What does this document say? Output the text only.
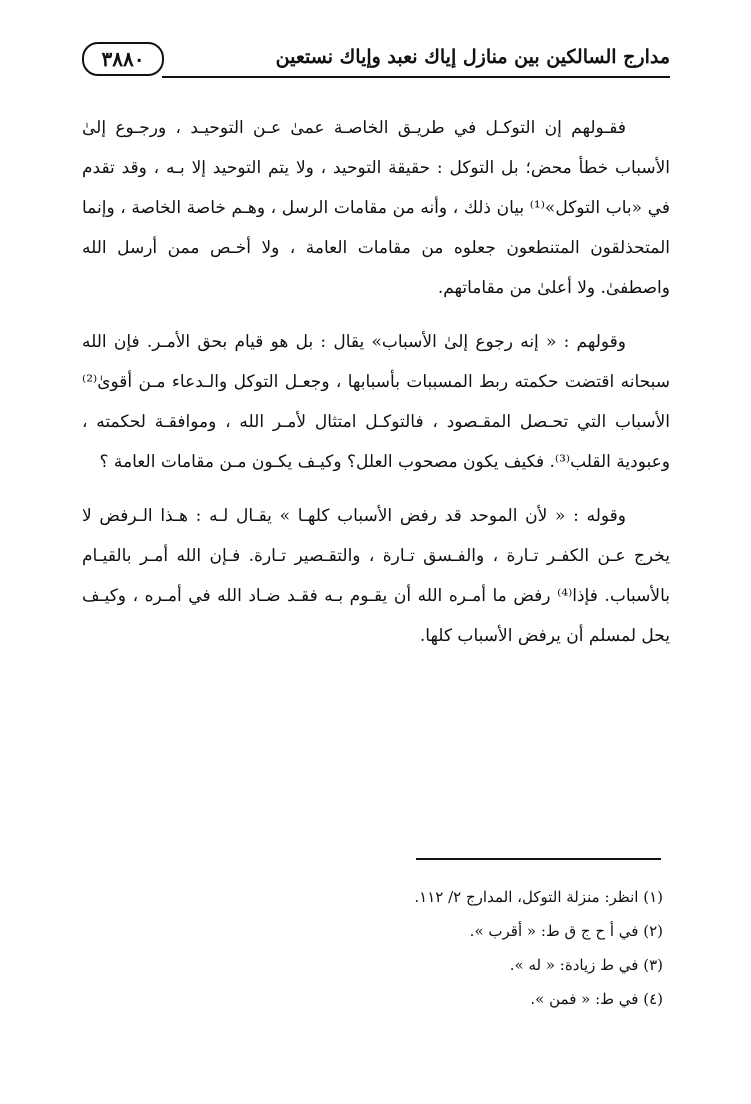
مدارج السالكين بين منازل إياك نعبد وإياك نستعين
٣٨٨٠

فقـولهم إن التوكـل في طريـق الخاصـة عمىٰ عـن التوحيـد ، ورجـوع إلىٰ الأسباب خطأ محض؛ بل التوكل : حقيقة التوحيد ، ولا يتم التوحيد إلا بـه ، وقد تقدم في «باب التوكل»⁽¹⁾ بيان ذلك ، وأنه من مقامات الرسل ، وهـم خاصة الخاصة ، وإنما المتحذلقون المتنطعون جعلوه من مقامات العامة ، ولا أخـص ممن أرسل الله واصطفىٰ. ولا أعلىٰ من مقاماتهم.

وقولهم : « إنه رجوع إلىٰ الأسباب» يقال : بل هو قيام بحق الأمـر. فإن الله سبحانه اقتضت حكمته ربط المسببات بأسبابها ، وجعـل التوكل والـدعاء مـن أقوىٰ⁽²⁾ الأسباب التي تحـصل المقـصود ، فالتوكـل امتثال لأمـر الله ، وموافقـة لحكمته ، وعبودية القلب⁽³⁾. فكيف يكون مصحوب العلل؟ وكيـف يكـون مـن مقامات العامة ؟

وقوله : « لأن الموحد قد رفض الأسباب كلهـا » يقـال لـه : هـذا الـرفض لا يخرج عـن الكفـر تـارة ، والفـسق تـارة ، والتقـصير تـارة. فـإن الله أمـر بالقيـام بالأسباب. فإذا⁽⁴⁾ رفض ما أمـره الله أن يقـوم بـه فقـد ضـاد الله في أمـره ، وكيـف يحل لمسلم أن يرفض الأسباب كلها.

(١) انظر: منزلة التوكل، المدارج ٢/ ١١٢.
(٢) في أ ح ج ق ط: « أقرب ».
(٣) في ط زيادة: « له ».
(٤) في ط: « فمن ».
